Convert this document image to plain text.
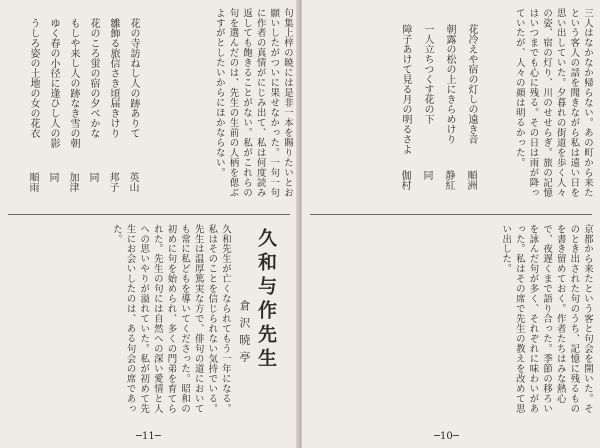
句集上梓の暁には是非一本を賜りたいとお願いしたがついに果せなかった。一句一句に作者の真情がにじみ出て、私は何度読み返しても飽きることがない。私がこれらの句を選んだのは、先生の生前の人柄を偲ぶよすがとしたいからにほかならない。
花の寺訪ねし人の跡ありて
英山
雛飾る旅信さき頃届きけり
邦子
花のころ蛍の宿の夕べかな
同
もしや来し人の跡なき雪の朝
加津
ゆく春の小径に逢ひし人の影
同
うしろ姿の土地の女の花衣
順雨
久和与作先生
倉沢暁亭
久和先生が亡くなられてもう一年になる。私はそのことを信じられない気持でいる。先生は温厚篤実な方で、俳句の道においても常に私どもを導いてくださった。昭和の初めに句を始められ、多くの門弟を育てられた。先生の句には自然への深い愛情と人への思いやりが溢れていた。私が初めて先生にお会いしたのは、ある句会の席であった。
─11─
三人はなかなか帰らない。あの町から来たという客人の話を聞きながら私は遠い日を思い出していた。夕暮れの街道を歩く人々の姿、宿の灯り、川のせせらぎ。旅の記憶はいつまでも心に残る。その日は雨が降っていたが、人々の顔は明るかった。
花冷えや宿の灯しの遠き音
順洲
朝露の松の上にきらめけり
静紅
一人立ちつくす花の下
同
障子あけて見る月の明るさよ
伽村
京都から来たという客と句会を開いた。そのとき出された句のうち、記憶に残るものを書き留めておく。作者たちはみな熱心で、夜遅くまで語り合った。季節の移ろいを詠んだ句が多く、それぞれに味わいがあった。私はその席で先生の教えを改めて思い出した。
─10─
